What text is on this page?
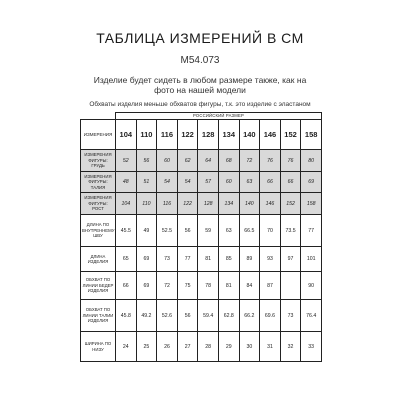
ТАБЛИЦА ИЗМЕРЕНИЙ В СМ
M54.073
Изделие будет сидеть в любом размере также, как на фото на нашей модели
Обхваты изделия меньше обхватов фигуры, т.к. это изделие с эластаном
	РОССИЙСКИЙ РАЗМЕР									
ИЗМЕРЕНИЯ	104	110	116	122	128	134	140	146	152	158
ИЗМЕРЕНИЯ ФИГУРЫ: ГРУДЬ	52	56	60	62	64	68	72	76	76	80
ИЗМЕРЕНИЯ ФИГУРЫ: ТАЛИЯ	48	51	54	54	57	60	63	66	66	69
ИЗМЕРЕНИЯ ФИГУРЫ: РОСТ	104	110	116	122	128	134	140	146	152	158
ДЛИНА ПО ВНУТРЕННЕМУ ШВУ	45.5	49	52.5	56	59	63	66.5	70	73.5	77
ДЛИНА ИЗДЕЛИЯ	65	69	73	77	81	85	89	93	97	101
ОБХВАТ ПО ЛИНИИ БЕДЕР ИЗДЕЛИЯ	66	69	72	75	78	81	84	87		90
ОБХВАТ ПО ЛИНИИ ТАЛИИ ИЗДЕЛИЯ	45.8	49.2	52.6	56	59.4	62.8	66.2	69.6	73	76.4
ШИРИНА ПО НИЗУ	24	25	26	27	28	29	30	31	32	33
